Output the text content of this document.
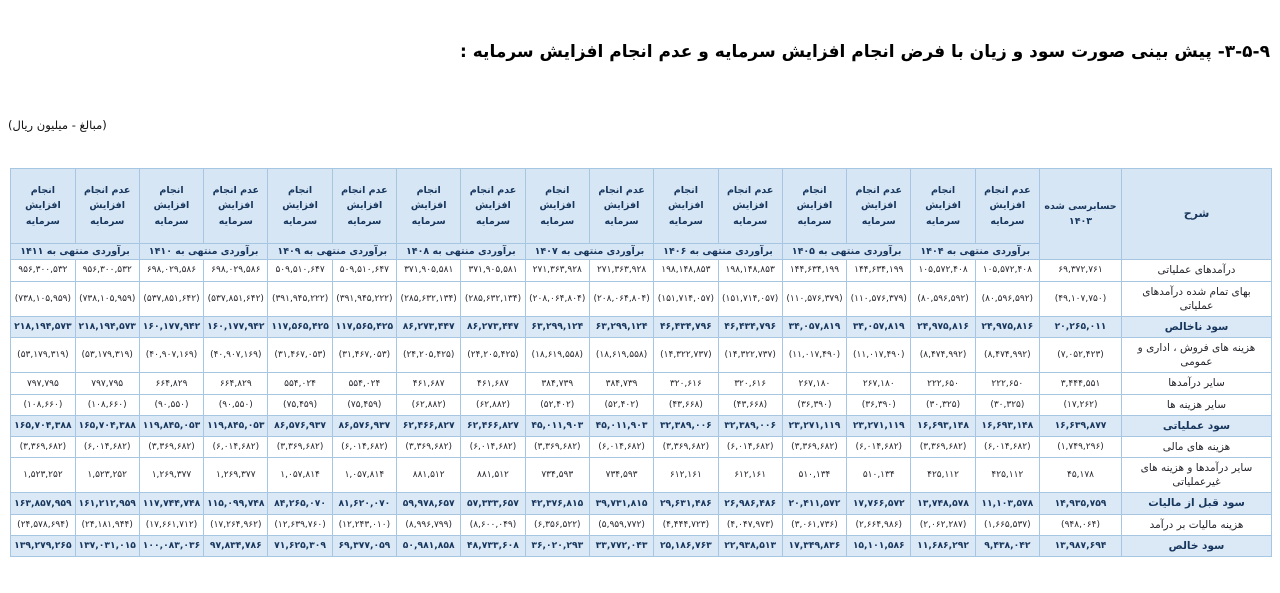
۳-۵-۹- پیش بینی صورت سود و زیان با فرض انجام افزایش سرمایه و عدم انجام افزایش سرمایه :
(مبالغ - میلیون ریال)
شرح	حسابرسی شده
۱۴۰۳	عدم انجام افزایش سرمایه	انجام افزایش سرمایه	عدم انجام افزایش سرمایه	انجام افزایش سرمایه	عدم انجام افزایش سرمایه	انجام افزایش سرمایه	عدم انجام افزایش سرمایه	انجام افزایش سرمایه	عدم انجام افزایش سرمایه	انجام افزایش سرمایه	عدم انجام افزایش سرمایه	انجام افزایش سرمایه	عدم انجام افزایش سرمایه	انجام افزایش سرمایه	عدم انجام افزایش سرمایه	انجام افزایش سرمایه
		برآوردی منتهی به ۱۴۰۴		برآوردی منتهی به ۱۴۰۵		برآوردی منتهی به ۱۴۰۶		برآوردی منتهی به ۱۴۰۷		برآوردی منتهی به ۱۴۰۸		برآوردی منتهی به ۱۴۰۹		برآوردی منتهی به ۱۴۱۰		برآوردی منتهی به ۱۴۱۱	
درآمدهای عملیاتی	۶۹,۳۷۲,۷۶۱	۱۰۵,۵۷۲,۴۰۸	۱۰۵,۵۷۲,۴۰۸	۱۴۴,۶۳۴,۱۹۹	۱۴۴,۶۳۴,۱۹۹	۱۹۸,۱۴۸,۸۵۳	۱۹۸,۱۴۸,۸۵۳	۲۷۱,۳۶۳,۹۲۸	۲۷۱,۳۶۳,۹۲۸	۳۷۱,۹۰۵,۵۸۱	۳۷۱,۹۰۵,۵۸۱	۵۰۹,۵۱۰,۶۴۷	۵۰۹,۵۱۰,۶۴۷	۶۹۸,۰۲۹,۵۸۶	۶۹۸,۰۲۹,۵۸۶	۹۵۶,۳۰۰,۵۳۲	۹۵۶,۳۰۰,۵۳۲
بهای تمام شده درآمدهای عملیاتی	(۴۹,۱۰۷,۷۵۰)	(۸۰,۵۹۶,۵۹۲)	(۸۰,۵۹۶,۵۹۲)	(۱۱۰,۵۷۶,۳۷۹)	(۱۱۰,۵۷۶,۳۷۹)	(۱۵۱,۷۱۴,۰۵۷)	(۱۵۱,۷۱۴,۰۵۷)	(۲۰۸,۰۶۴,۸۰۴)	(۲۰۸,۰۶۴,۸۰۴)	(۲۸۵,۶۳۲,۱۳۴)	(۲۸۵,۶۳۲,۱۳۴)	(۳۹۱,۹۴۵,۲۲۲)	(۳۹۱,۹۴۵,۲۲۲)	(۵۳۷,۸۵۱,۶۴۲)	(۵۳۷,۸۵۱,۶۴۲)	(۷۳۸,۱۰۵,۹۵۹)	(۷۳۸,۱۰۵,۹۵۹)
سود ناخالص	۲۰,۲۶۵,۰۱۱	۲۴,۹۷۵,۸۱۶	۲۴,۹۷۵,۸۱۶	۳۴,۰۵۷,۸۱۹	۳۴,۰۵۷,۸۱۹	۴۶,۴۳۴,۷۹۶	۴۶,۴۳۴,۷۹۶	۶۳,۲۹۹,۱۲۴	۶۳,۲۹۹,۱۲۴	۸۶,۲۷۳,۴۴۷	۸۶,۲۷۳,۴۴۷	۱۱۷,۵۶۵,۴۲۵	۱۱۷,۵۶۵,۴۲۵	۱۶۰,۱۷۷,۹۴۲	۱۶۰,۱۷۷,۹۴۲	۲۱۸,۱۹۴,۵۷۳	۲۱۸,۱۹۴,۵۷۳
هزینه های فروش ، اداری و عمومی	(۷,۰۵۲,۴۲۳)	(۸,۴۷۴,۹۹۲)	(۸,۴۷۴,۹۹۲)	(۱۱,۰۱۷,۴۹۰)	(۱۱,۰۱۷,۴۹۰)	(۱۴,۳۲۲,۷۳۷)	(۱۴,۳۲۲,۷۳۷)	(۱۸,۶۱۹,۵۵۸)	(۱۸,۶۱۹,۵۵۸)	(۲۴,۲۰۵,۴۲۵)	(۲۴,۲۰۵,۴۲۵)	(۳۱,۴۶۷,۰۵۳)	(۳۱,۴۶۷,۰۵۳)	(۴۰,۹۰۷,۱۶۹)	(۴۰,۹۰۷,۱۶۹)	(۵۳,۱۷۹,۳۱۹)	(۵۳,۱۷۹,۳۱۹)
سایر درآمدها	۳,۴۴۴,۵۵۱	۲۲۲,۶۵۰	۲۲۲,۶۵۰	۲۶۷,۱۸۰	۲۶۷,۱۸۰	۳۲۰,۶۱۶	۳۲۰,۶۱۶	۳۸۴,۷۳۹	۳۸۴,۷۳۹	۴۶۱,۶۸۷	۴۶۱,۶۸۷	۵۵۴,۰۲۴	۵۵۴,۰۲۴	۶۶۴,۸۲۹	۶۶۴,۸۲۹	۷۹۷,۷۹۵	۷۹۷,۷۹۵
سایر هزینه ها	(۱۷,۲۶۲)	(۳۰,۳۲۵)	(۳۰,۳۲۵)	(۳۶,۳۹۰)	(۳۶,۳۹۰)	(۴۳,۶۶۸)	(۴۳,۶۶۸)	(۵۲,۴۰۲)	(۵۲,۴۰۲)	(۶۲,۸۸۲)	(۶۲,۸۸۲)	(۷۵,۴۵۹)	(۷۵,۴۵۹)	(۹۰,۵۵۰)	(۹۰,۵۵۰)	(۱۰۸,۶۶۰)	(۱۰۸,۶۶۰)
سود عملیاتی	۱۶,۶۳۹,۸۷۷	۱۶,۶۹۳,۱۴۸	۱۶,۶۹۳,۱۴۸	۲۳,۲۷۱,۱۱۹	۲۳,۲۷۱,۱۱۹	۳۲,۳۸۹,۰۰۶	۳۲,۳۸۹,۰۰۶	۴۵,۰۱۱,۹۰۳	۴۵,۰۱۱,۹۰۳	۶۲,۴۶۶,۸۲۷	۶۲,۴۶۶,۸۲۷	۸۶,۵۷۶,۹۳۷	۸۶,۵۷۶,۹۳۷	۱۱۹,۸۴۵,۰۵۳	۱۱۹,۸۴۵,۰۵۳	۱۶۵,۷۰۴,۳۸۸	۱۶۵,۷۰۴,۳۸۸
هزینه های مالی	(۱,۷۴۹,۲۹۶)	(۶,۰۱۴,۶۸۲)	(۳,۳۶۹,۶۸۲)	(۶,۰۱۴,۶۸۲)	(۳,۳۶۹,۶۸۲)	(۶,۰۱۴,۶۸۲)	(۳,۳۶۹,۶۸۲)	(۶,۰۱۴,۶۸۲)	(۳,۳۶۹,۶۸۲)	(۶,۰۱۴,۶۸۲)	(۳,۳۶۹,۶۸۲)	(۶,۰۱۴,۶۸۲)	(۳,۳۶۹,۶۸۲)	(۶,۰۱۴,۶۸۲)	(۳,۳۶۹,۶۸۲)	(۶,۰۱۴,۶۸۲)	(۳,۳۶۹,۶۸۲)
سایر درآمدها و هزینه های غیرعملیاتی	۴۵,۱۷۸	۴۲۵,۱۱۲	۴۲۵,۱۱۲	۵۱۰,۱۳۴	۵۱۰,۱۳۴	۶۱۲,۱۶۱	۶۱۲,۱۶۱	۷۳۴,۵۹۳	۷۳۴,۵۹۳	۸۸۱,۵۱۲	۸۸۱,۵۱۲	۱,۰۵۷,۸۱۴	۱,۰۵۷,۸۱۴	۱,۲۶۹,۳۷۷	۱,۲۶۹,۳۷۷	۱,۵۲۳,۲۵۲	۱,۵۲۳,۲۵۲
سود قبل از مالیات	۱۴,۹۳۵,۷۵۹	۱۱,۱۰۳,۵۷۸	۱۳,۷۴۸,۵۷۸	۱۷,۷۶۶,۵۷۲	۲۰,۴۱۱,۵۷۲	۲۶,۹۸۶,۴۸۶	۲۹,۶۳۱,۴۸۶	۳۹,۷۳۱,۸۱۵	۴۲,۳۷۶,۸۱۵	۵۷,۳۳۳,۶۵۷	۵۹,۹۷۸,۶۵۷	۸۱,۶۲۰,۰۷۰	۸۴,۲۶۵,۰۷۰	۱۱۵,۰۹۹,۷۴۸	۱۱۷,۷۴۴,۷۴۸	۱۶۱,۲۱۲,۹۵۹	۱۶۳,۸۵۷,۹۵۹
هزینه مالیات بر درآمد	(۹۴۸,۰۶۴)	(۱,۶۶۵,۵۳۷)	(۲,۰۶۲,۲۸۷)	(۲,۶۶۴,۹۸۶)	(۳,۰۶۱,۷۳۶)	(۴,۰۴۷,۹۷۳)	(۴,۴۴۴,۷۲۳)	(۵,۹۵۹,۷۷۲)	(۶,۳۵۶,۵۲۲)	(۸,۶۰۰,۰۴۹)	(۸,۹۹۶,۷۹۹)	(۱۲,۲۴۳,۰۱۰)	(۱۲,۶۳۹,۷۶۰)	(۱۷,۲۶۴,۹۶۲)	(۱۷,۶۶۱,۷۱۲)	(۲۴,۱۸۱,۹۴۴)	(۲۴,۵۷۸,۶۹۴)
سود خالص	۱۳,۹۸۷,۶۹۴	۹,۴۳۸,۰۴۲	۱۱,۶۸۶,۲۹۲	۱۵,۱۰۱,۵۸۶	۱۷,۳۴۹,۸۳۶	۲۲,۹۳۸,۵۱۳	۲۵,۱۸۶,۷۶۳	۳۳,۷۷۲,۰۴۳	۳۶,۰۲۰,۲۹۳	۴۸,۷۳۳,۶۰۸	۵۰,۹۸۱,۸۵۸	۶۹,۳۷۷,۰۵۹	۷۱,۶۲۵,۳۰۹	۹۷,۸۳۴,۷۸۶	۱۰۰,۰۸۳,۰۳۶	۱۳۷,۰۳۱,۰۱۵	۱۳۹,۲۷۹,۲۶۵
